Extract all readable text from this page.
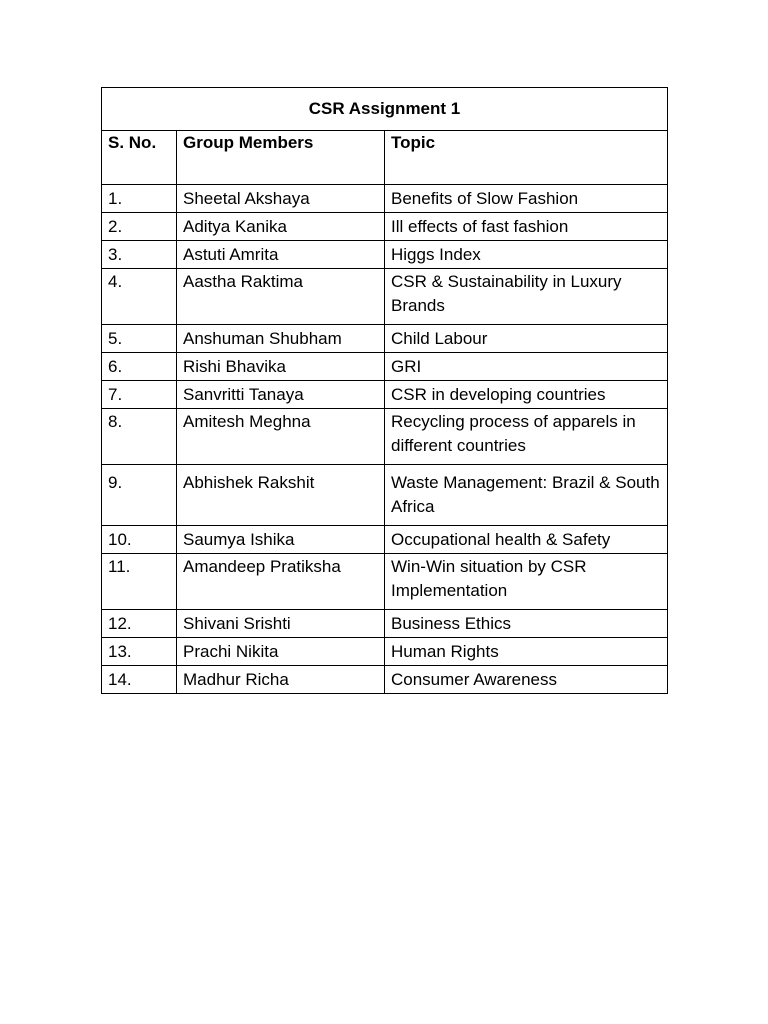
CSR Assignment 1		

S. No.	Group Members	Topic

1.	Sheetal Akshaya	Benefits of Slow Fashion
2.	Aditya Kanika	Ill effects of fast fashion
3.	Astuti Amrita	Higgs Index
4.	Aastha Raktima	CSR & Sustainability in Luxury Brands
5.	Anshuman Shubham	Child Labour
6.	Rishi Bhavika	GRI
7.	Sanvritti Tanaya	CSR in developing countries
8.	Amitesh Meghna	Recycling process of apparels in different countries
9.	Abhishek Rakshit	Waste Management: Brazil & South Africa
10.	Saumya Ishika	Occupational health & Safety
11.	Amandeep Pratiksha	Win-Win situation by CSR Implementation
12.	Shivani Srishti	Business Ethics
13.	Prachi Nikita	Human Rights
14.	Madhur Richa	Consumer Awareness
